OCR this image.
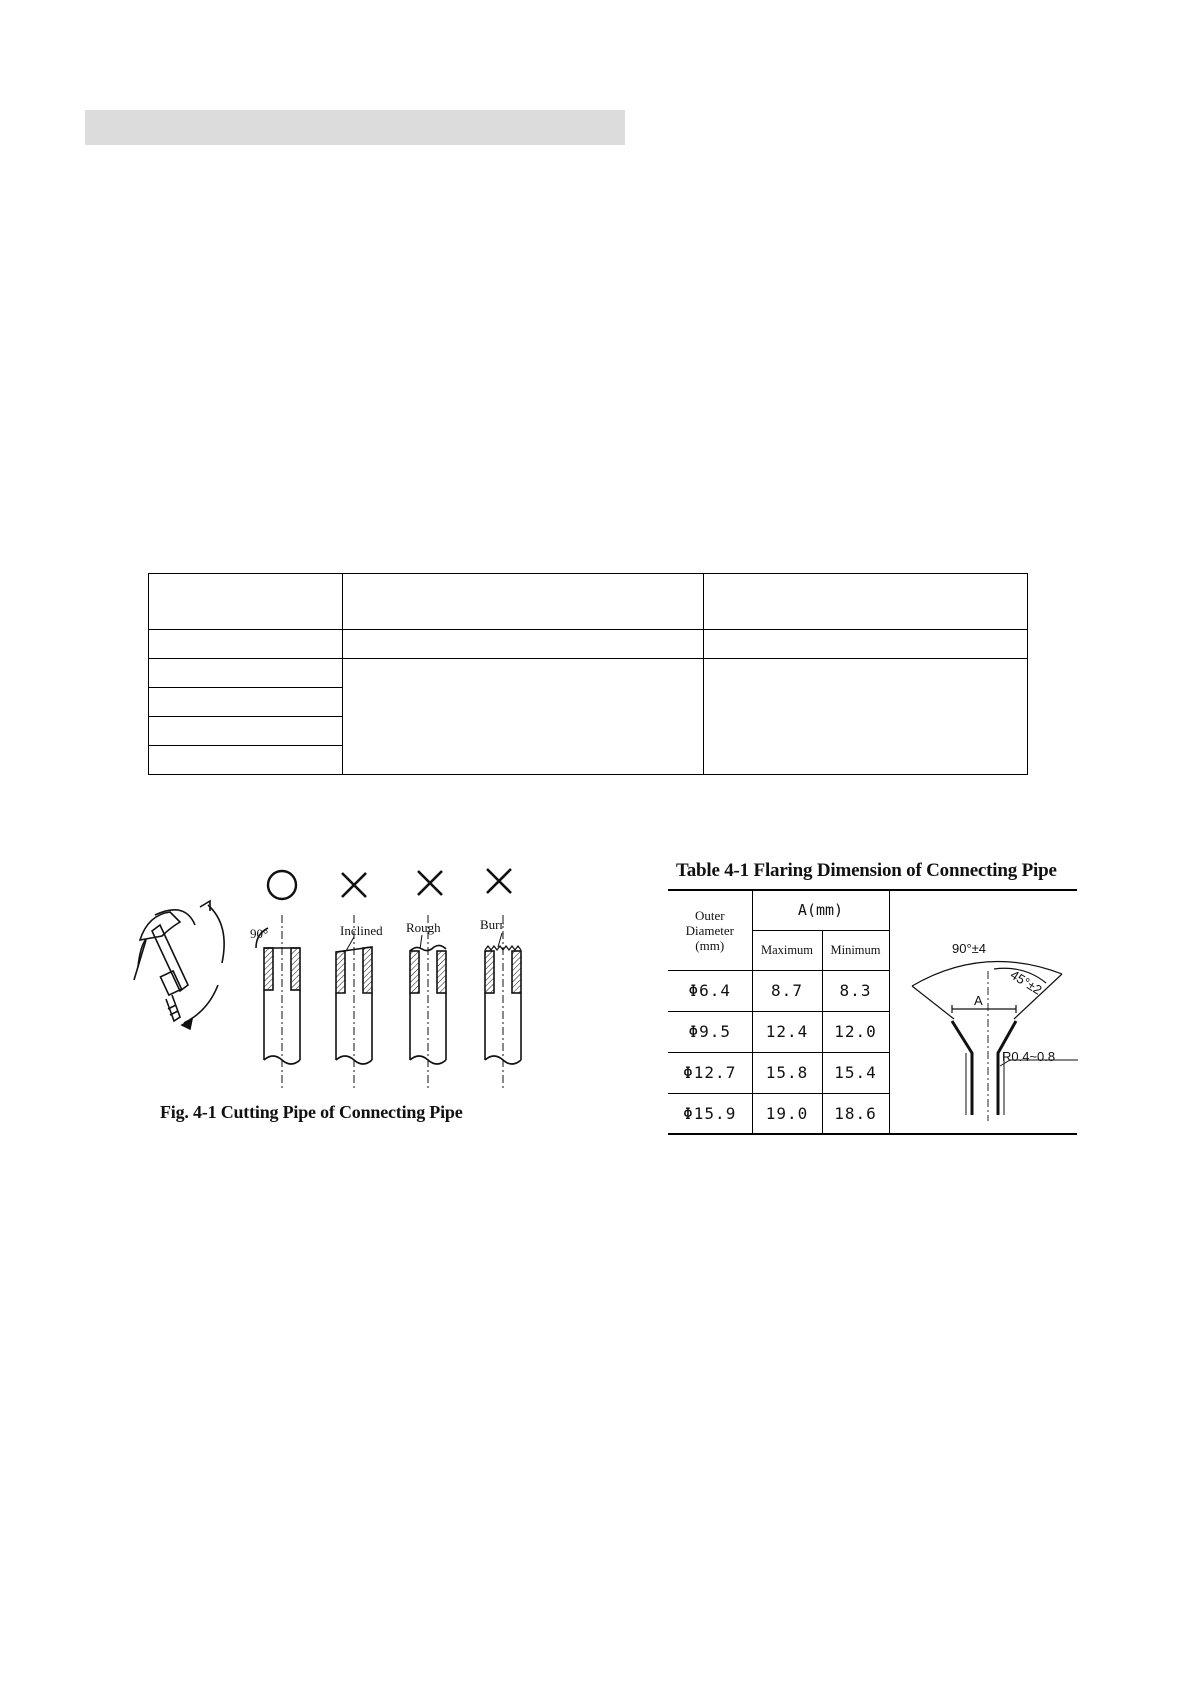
90°	Inclined Rough	Burr
Fig. 4-1 Cutting Pipe of Connecting Pipe
Table 4-1 Flaring Dimension of Connecting Pipe
Outer
Diameter
(mm)	A(mm)		90°±4
45°±2
A
R0.4~0.8

	Maximum	Minimum	
Φ6.4	8.7	8.3	
Φ9.5	12.4	12.0	
Φ12.7	15.8	15.4	
Φ15.9	19.0	18.6	
